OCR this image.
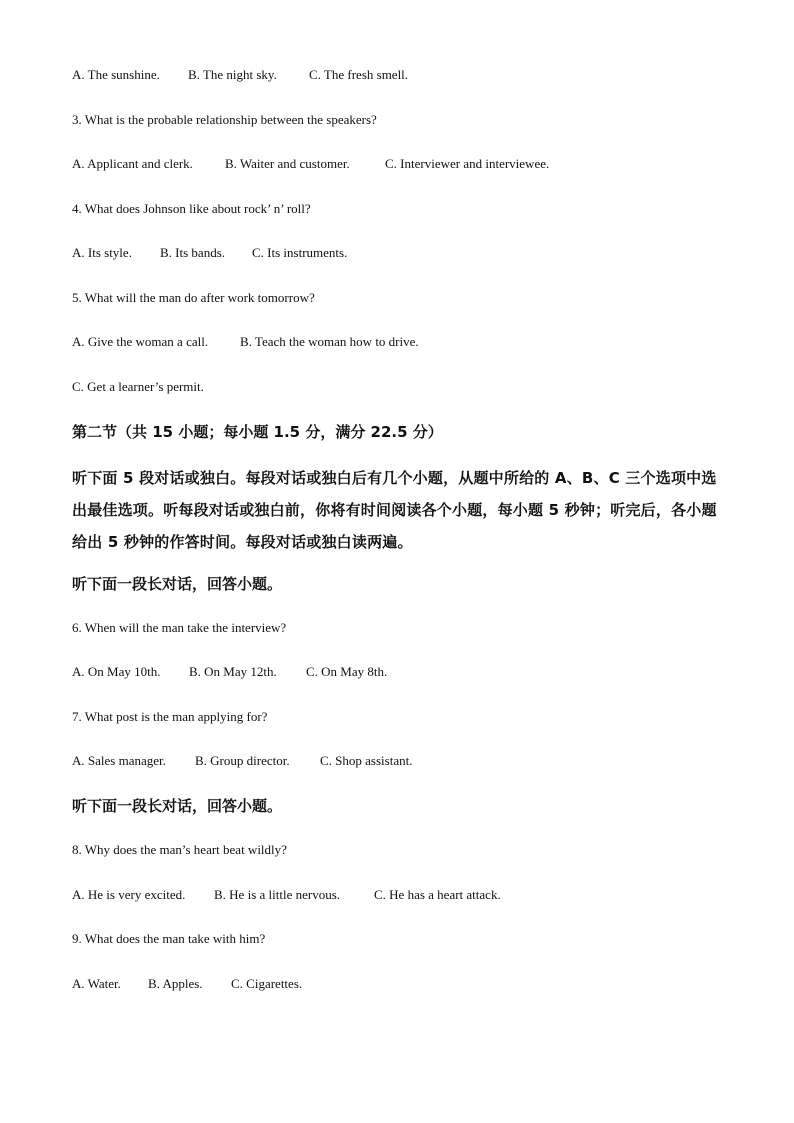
A. The sunshine. B. The night sky. C. The fresh smell.
3. What is the probable relationship between the speakers?
A. Applicant and clerk. B. Waiter and customer.	C. Interviewer and interviewee.
4. What does Johnson like about rock’ n’ roll?
A. Its style. B. Its bands. C. Its instruments.
5. What will the man do after work tomorrow?
A. Give the woman a call. B. Teach the woman how to drive.
C. Get a learner’s permit.
第二节（共 15 小题；每小题 1.5 分，满分 22.5 分）
听下面 5 段对话或独白。每段对话或独白后有几个小题，从题中所给的 A、B、C 三个选项中选出最佳选项。听每段对话或独白前，你将有时间阅读各个小题，每小题 5 秒钟；听完后，各小题给出 5 秒钟的作答时间。每段对话或独白读两遍。
听下面一段长对话，回答小题。
6. When will the man take the interview?
A. On May 10th. B. On May 12th. C. On May 8th.
7. What post is the man applying for?
A. Sales manager. B. Group director. C. Shop assistant.
听下面一段长对话，回答小题。
8. Why does the man’s heart beat wildly?
A. He is very excited. B. He is a little nervous.	C. He has a heart attack.
9. What does the man take with him?
A. Water. B. Apples. C. Cigarettes.
